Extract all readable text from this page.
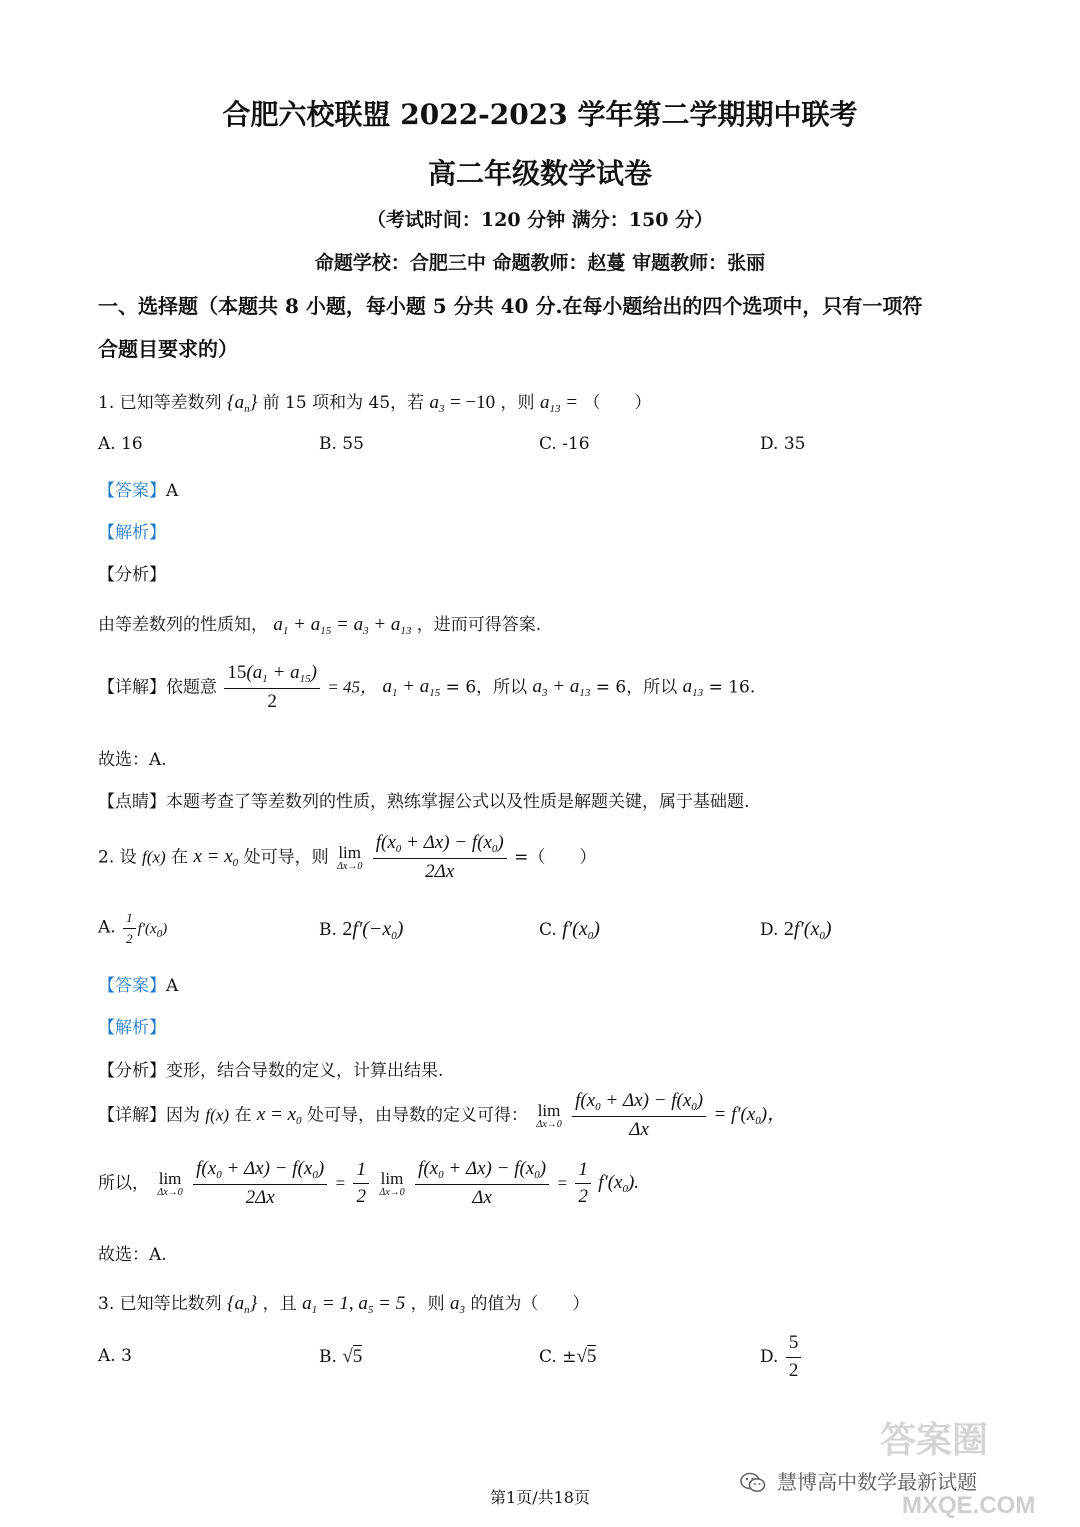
合肥六校联盟 2022-2023 学年第二学期期中联考
高二年级数学试卷
（考试时间：120 分钟 满分：150 分）
命题学校：合肥三中 命题教师：赵蔓 审题教师：张丽
一、选择题（本题共 8 小题，每小题 5 分共 40 分.在每小题给出的四个选项中，只有一项符
合题目要求的）
1. 已知等差数列 $\{a_n\}$ 前 15 项和为 45，若 $a_3 = -10$ ，则 $a_{13}$ = （　　）
A. 16	B. 55	C. -16	D. 35
【答案】A
【解析】
【分析】
由等差数列的性质知， $a_1 + a_{15} = a_3 + a_{13}$ ，进而可得答案.
【详解】依题意 $\frac{15(a_1 + a_{15})}{2} = 45$， $a_1 + a_{15} = 6$，所以 $a_3 + a_{13} = 6$，所以 $a_{13} = 16$.
故选：A.
【点睛】本题考查了等差数列的性质，熟练掌握公式以及性质是解题关键，属于基础题.
2. 设 f(x) 在 $x = x_0$ 处可导，则 lim
Δx→0
$\frac{f(x_0 + \Delta x) - f(x_0)}{2\Delta x}$ =（　　）
A. $\frac{1}{2} f'(x_0)$	B. $2f'(-x_0)$	C. $f'(x_0)$	D. $2f'(x_0)$
【答案】A
【解析】
【分析】变形，结合导数的定义，计算出结果.
【详解】因为 f(x) 在 $x = x_0$ 处可导，由导数的定义可得： lim
Δx→0
$\frac{f(x_0 + \Delta x) - f(x_0)}{\Delta x} = f'(x_0)$，
所以， lim
Δx→0
$\frac{f(x_0 + \Delta x) - f(x_0)}{2\Delta x} = \frac{1}{2}$
lim
Δx→0
$\frac{f(x_0 + \Delta x) - f(x_0)}{\Delta x} = \frac{1}{2} f'(x_0)$.
故选：A.
3. 已知等比数列 $\{a_n\}$ ，且 $a_1 = 1$, $a_5 = 5$ ，则 $a_3$ 的值为（　　）
A. 3	B. √5	C. ±√5	D. $\frac{5}{2}$
慧博高中数学最新试题
第1页/共18页
答案圈
MXQE.COM
